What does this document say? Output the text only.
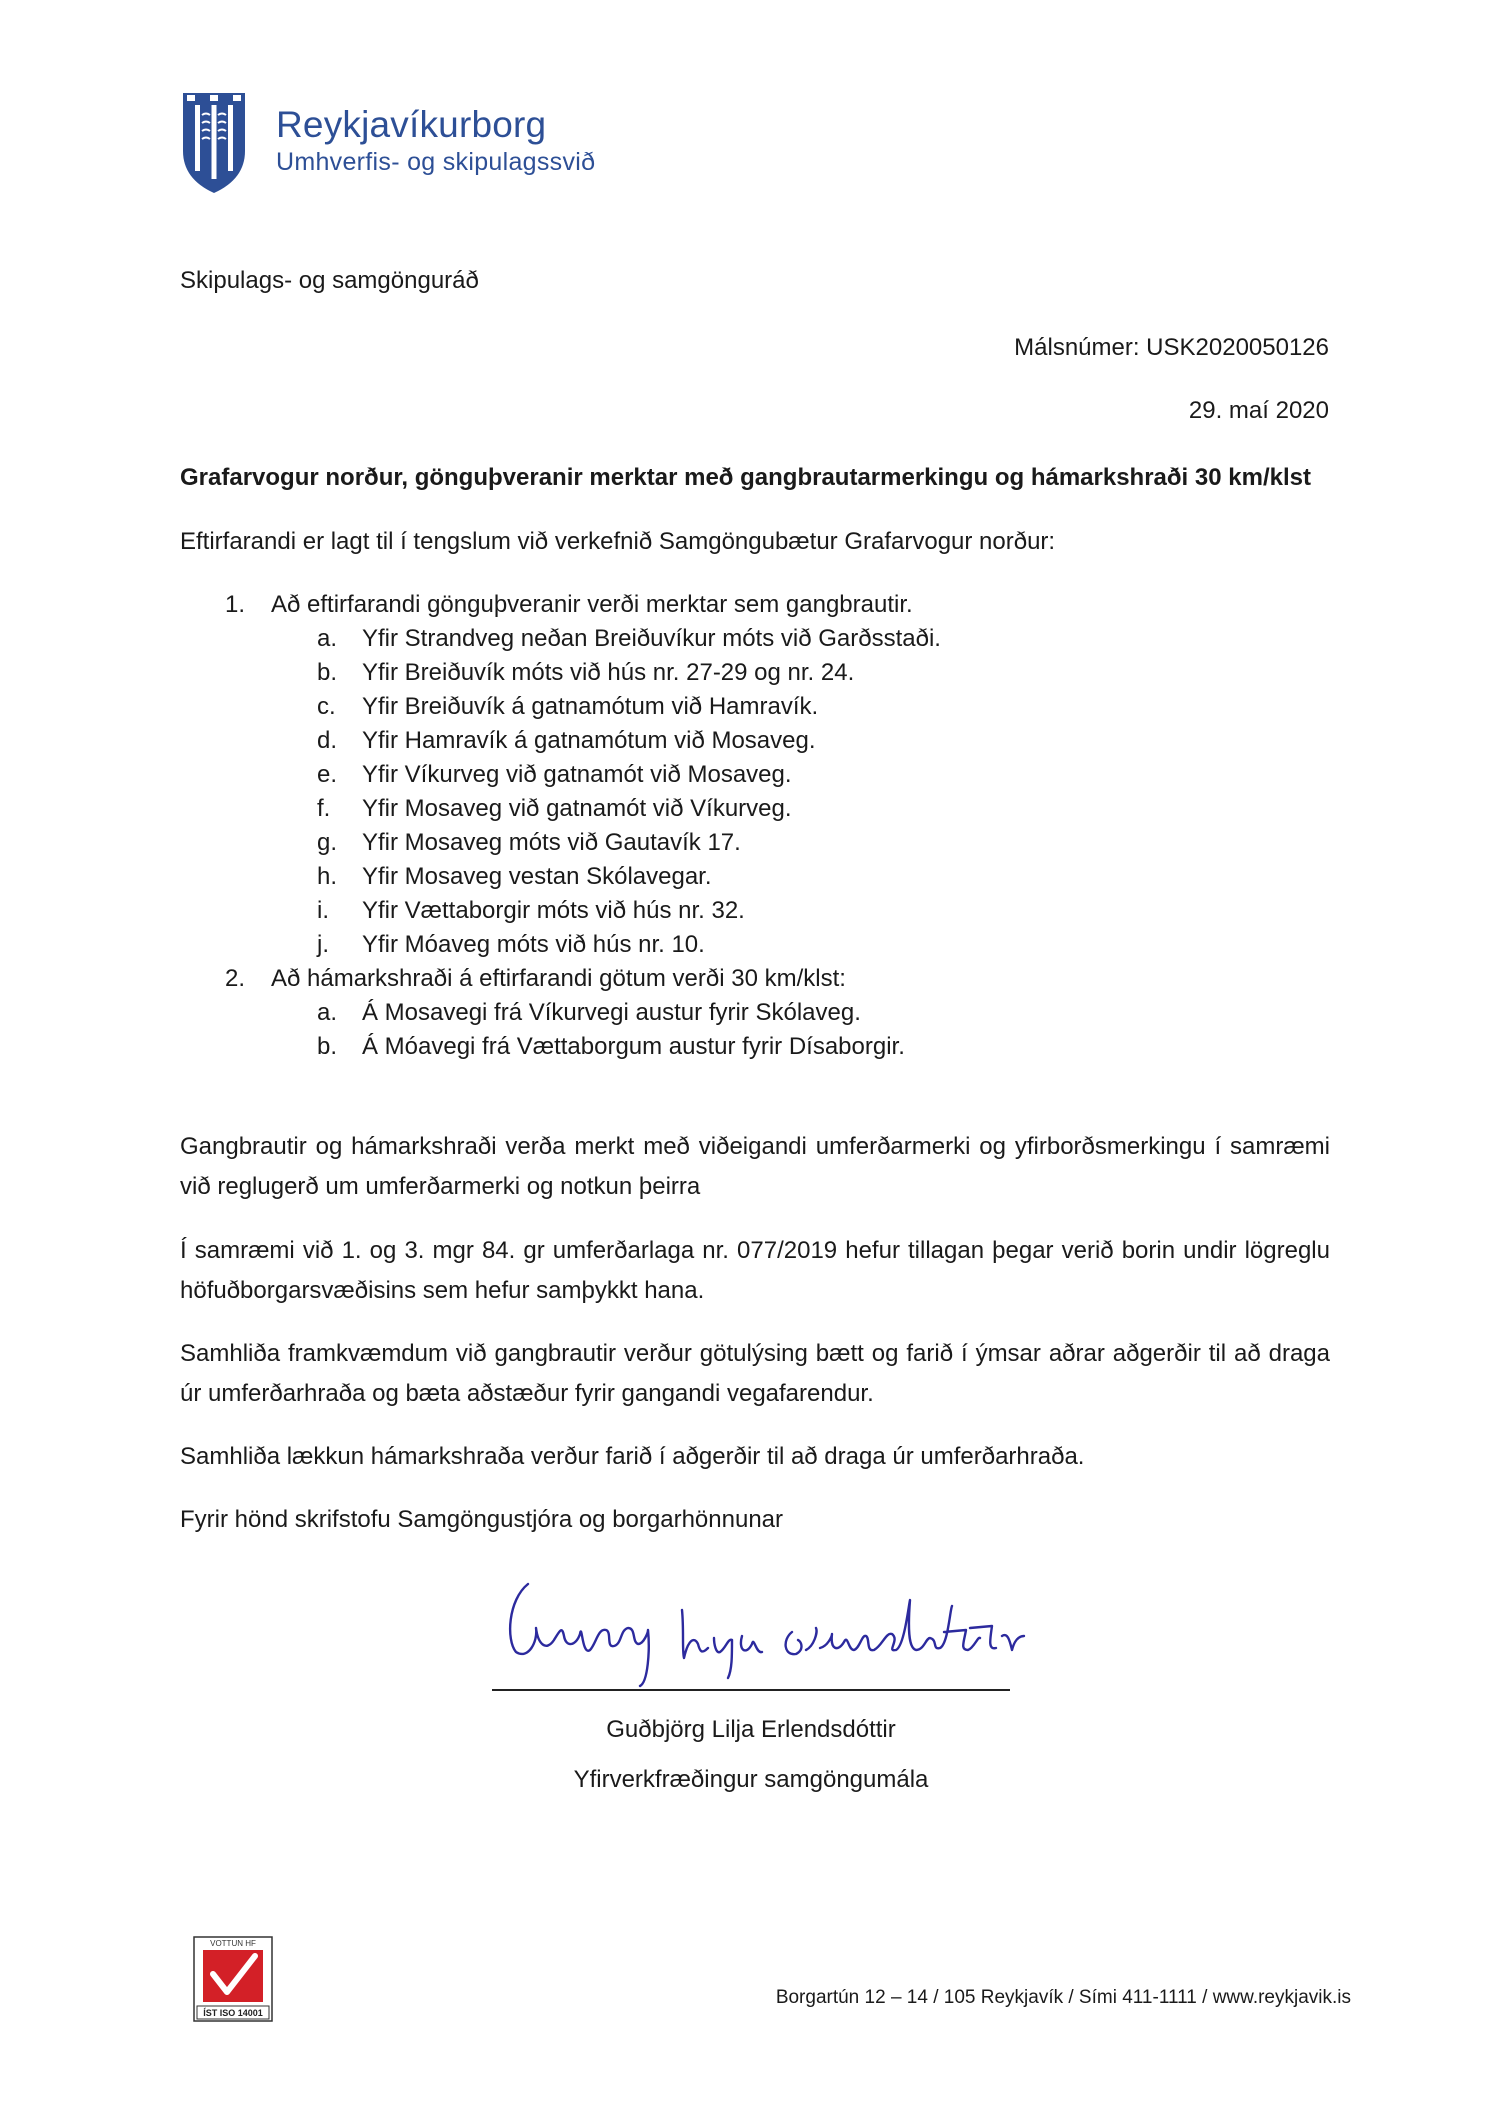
Reykjavíkurborg
Umhverfis- og skipulagssvið
Skipulags- og samgönguráð
Málsnúmer: USK2020050126
29. maí 2020
Grafarvogur norður, gönguþveranir merktar með gangbrautarmerkingu og hámarkshraði 30 km/klst
Eftirfarandi er lagt til í tengslum við verkefnið Samgöngubætur Grafarvogur norður:
1. Að eftirfarandi gönguþveranir verði merktar sem gangbrautir.
a. Yfir Strandveg neðan Breiðuvíkur móts við Garðsstaði.
b. Yfir Breiðuvík móts við hús nr. 27-29 og nr. 24.
c. Yfir Breiðuvík á gatnamótum við Hamravík.
d. Yfir Hamravík á gatnamótum við Mosaveg.
e. Yfir Víkurveg við gatnamót við Mosaveg.
f. Yfir Mosaveg við gatnamót við Víkurveg.
g. Yfir Mosaveg móts við Gautavík 17.
h. Yfir Mosaveg vestan Skólavegar.
i. Yfir Vættaborgir móts við hús nr. 32.
j. Yfir Móaveg móts við hús nr. 10.
2. Að hámarkshraði á eftirfarandi götum verði 30 km/klst:
a. Á Mosavegi frá Víkurvegi austur fyrir Skólaveg.
b. Á Móavegi frá Vættaborgum austur fyrir Dísaborgir.
Gangbrautir og hámarkshraði verða merkt með viðeigandi umferðarmerki og yfirborðsmerkingu í samræmi við reglugerð um umferðarmerki og notkun þeirra
Í samræmi við 1. og 3. mgr 84. gr umferðarlaga nr. 077/2019 hefur tillagan þegar verið borin undir lögreglu höfuðborgarsvæðisins sem hefur samþykkt hana.
Samhliða framkvæmdum við gangbrautir verður götulýsing bætt og farið í ýmsar aðrar aðgerðir til að draga úr umferðarhraða og bæta aðstæður fyrir gangandi vegafarendur.
Samhliða lækkun hámarkshraða verður farið í aðgerðir til að draga úr umferðarhraða.
Fyrir hönd skrifstofu Samgöngustjóra og borgarhönnunar
Guðbjörg Lilja Erlendsdóttir
Yfirverkfræðingur samgöngumála
VOTTUN HF
ÍST ISO 14001
Borgartún 12 – 14 / 105 Reykjavík / Sími 411-1111 / www.reykjavik.is
